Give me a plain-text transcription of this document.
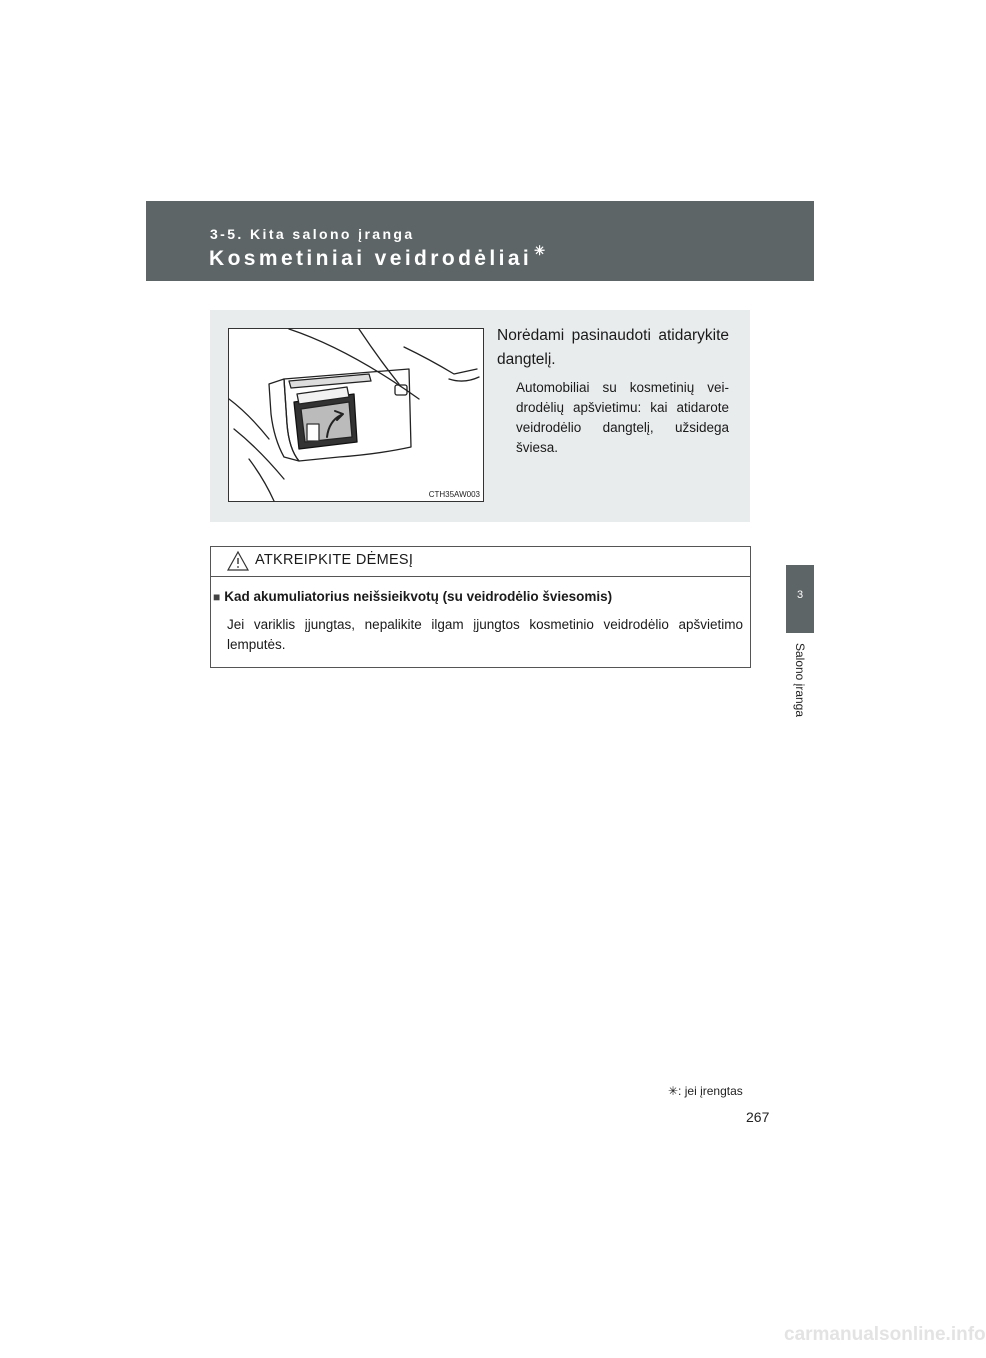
3-5. Kita salono įranga
Kosmetiniai veidrodėliai ✳
3
Salono įranga
CTH35AW003

Norėdami pasinaudoti atidarykite dangtelį.

Automobiliai su kosmetinių veidrodėlių apšvietimu: kai atidarote veidrodėlio dangtelį, užsidega šviesa.

ATKREIPKITE DĖMESĮ
■ Kad akumuliatorius neišsieikvotų (su veidrodėlio šviesomis)

Jei variklis įjungtas, nepalikite ilgam įjungtos kosmetinio veidrodėlio apšvietimo lemputės.

✳: jei įrengtas
267
carmanualsonline.info
